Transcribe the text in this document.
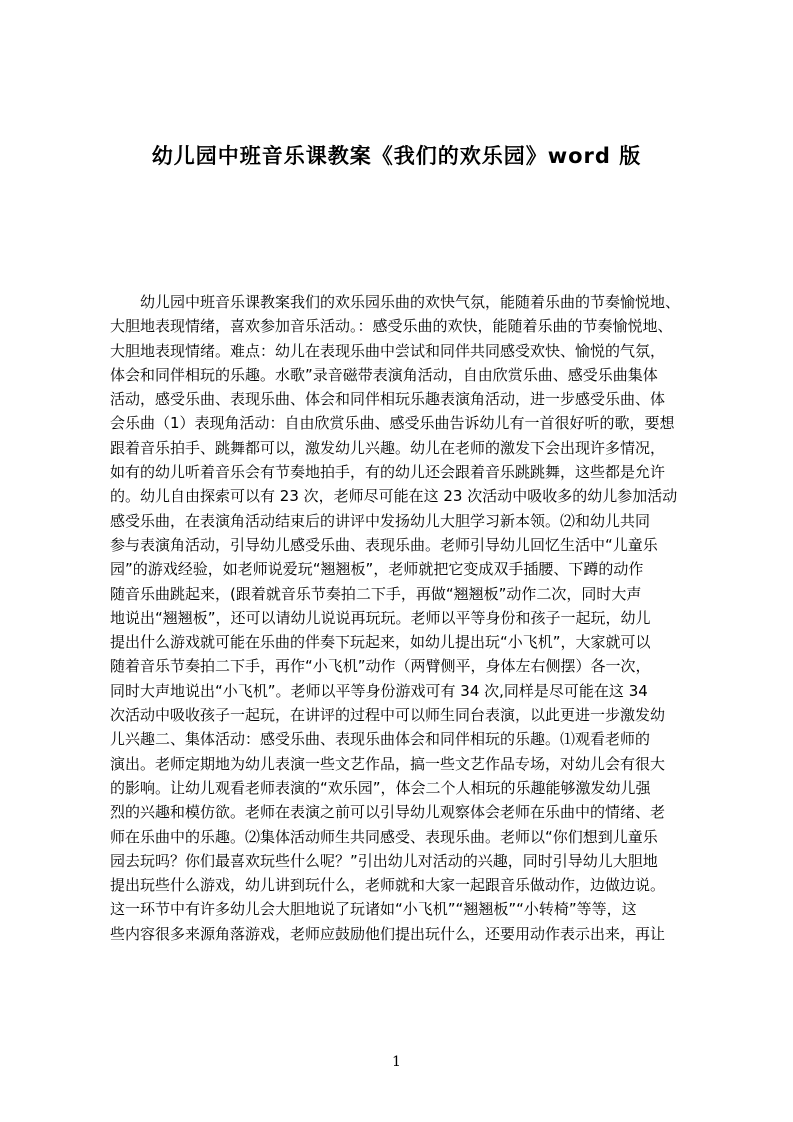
幼儿园中班音乐课教案《我们的欢乐园》word 版
　　幼儿园中班音乐课教案我们的欢乐园乐曲的欢快气氛，能随着乐曲的节奏愉悦地、
大胆地表现情绪，喜欢参加音乐活动。：感受乐曲的欢快，能随着乐曲的节奏愉悦地、
大胆地表现情绪。难点：幼儿在表现乐曲中尝试和同伴共同感受欢快、愉悦的气氛，
体会和同伴相玩的乐趣。水歌”录音磁带表演角活动，自由欣赏乐曲、感受乐曲集体
活动，感受乐曲、表现乐曲、体会和同伴相玩乐趣表演角活动，进一步感受乐曲、体
会乐曲（1）表现角活动：自由欣赏乐曲、感受乐曲告诉幼儿有一首很好听的歌，要想
跟着音乐拍手、跳舞都可以，激发幼儿兴趣。幼儿在老师的激发下会出现许多情况，
如有的幼儿听着音乐会有节奏地拍手，有的幼儿还会跟着音乐跳跳舞，这些都是允许
的。幼儿自由探索可以有 23 次，老师尽可能在这 23 次活动中吸收多的幼儿参加活动
感受乐曲，在表演角活动结束后的讲评中发扬幼儿大胆学习新本领。⑵和幼儿共同
参与表演角活动，引导幼儿感受乐曲、表现乐曲。老师引导幼儿回忆生活中“儿童乐
园”的游戏经验，如老师说爱玩“翘翘板”，老师就把它变成双手插腰、下蹲的动作
随音乐曲跳起来，(跟着就音乐节奏拍二下手，再做“翘翘板”动作二次，同时大声
地说出“翘翘板”，还可以请幼儿说说再玩玩。老师以平等身份和孩子一起玩，幼儿
提出什么游戏就可能在乐曲的伴奏下玩起来，如幼儿提出玩“小飞机”，大家就可以
随着音乐节奏拍二下手，再作“小飞机”动作（两臂侧平，身体左右侧摆）各一次，
同时大声地说出“小飞机”。老师以平等身份游戏可有 34 次,同样是尽可能在这 34
次活动中吸收孩子一起玩，在讲评的过程中可以师生同台表演，以此更进一步激发幼
儿兴趣二、集体活动：感受乐曲、表现乐曲体会和同伴相玩的乐趣。⑴观看老师的
演出。老师定期地为幼儿表演一些文艺作品，搞一些文艺作品专场，对幼儿会有很大
的影响。让幼儿观看老师表演的“欢乐园”，体会二个人相玩的乐趣能够激发幼儿强
烈的兴趣和模仿欲。老师在表演之前可以引导幼儿观察体会老师在乐曲中的情绪、老
师在乐曲中的乐趣。⑵集体活动师生共同感受、表现乐曲。老师以“你们想到儿童乐
园去玩吗？你们最喜欢玩些什么呢？”引出幼儿对活动的兴趣，同时引导幼儿大胆地
提出玩些什么游戏，幼儿讲到玩什么，老师就和大家一起跟音乐做动作，边做边说。
这一环节中有许多幼儿会大胆地说了玩诸如“小飞机”“翘翘板”“小转椅”等等，这
些内容很多来源角落游戏，老师应鼓励他们提出玩什么，还要用动作表示出来，再让
1
